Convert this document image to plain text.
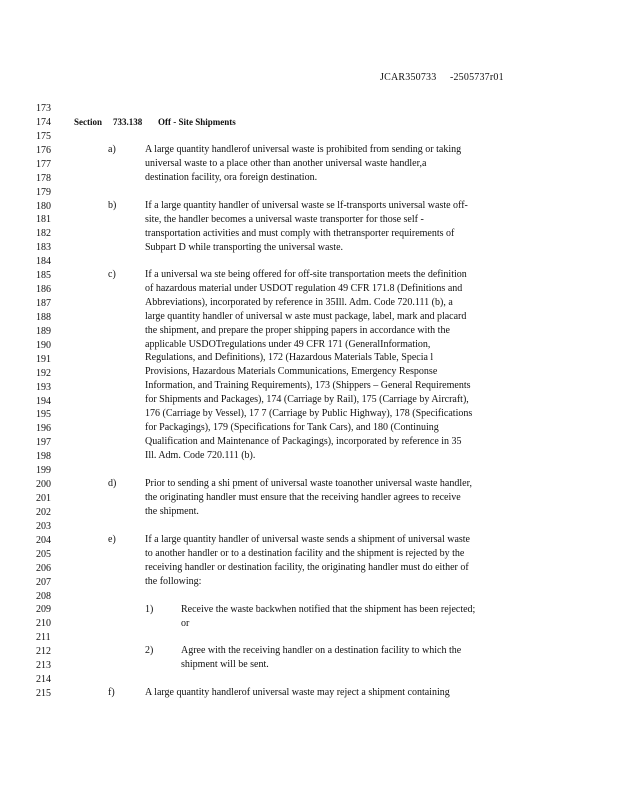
JCAR350733 -2505737r01
173
174
175
176
177
178
179
180
181
182
183
184
185
186
187
188
189
190
191
192
193
194
195
196
197
198
199
200
201
202
203
204
205
206
207
208
209
210
211
212
213
214
215
Section 733.138 Off - Site Shipments
a)	A large quantity handlerof universal waste is prohibited from sending or taking
universal waste to a place other than another universal waste handler,a
destination facility, ora foreign destination.
b)	If a large quantity handler of universal waste se lf-transports universal waste off-
site, the handler becomes a universal waste transporter for those self -
transportation activities and must comply with thetransporter requirements of
Subpart D while transporting the universal waste.
c)	If a universal wa ste being offered for off-site transportation meets the definition
of hazardous material under USDOT regulation 49 CFR 171.8 (Definitions and
Abbreviations), incorporated by reference in 35Ill. Adm. Code 720.111 (b), a
large quantity handler of universal w aste must package, label, mark and placard
the shipment, and prepare the proper shipping papers in accordance with the
applicable USDOTregulations under 49 CFR 171 (GeneralInformation,
Regulations, and Definitions), 172 (Hazardous Materials Table, Specia l
Provisions, Hazardous Materials Communications, Emergency Response
Information, and Training Requirements), 173 (Shippers – General Requirements
for Shipments and Packages), 174 (Carriage by Rail), 175 (Carriage by Aircraft),
176 (Carriage by Vessel), 17 7 (Carriage by Public Highway), 178 (Specifications
for Packagings), 179 (Specifications for Tank Cars), and 180 (Continuing
Qualification and Maintenance of Packagings), incorporated by reference in 35
Ill. Adm. Code 720.111 (b).
d)	Prior to sending a shi pment of universal waste toanother universal waste handler,
the originating handler must ensure that the receiving handler agrees to receive
the shipment.
e)	If a large quantity handler of universal waste sends a shipment of universal waste
to another handler or to a destination facility and the shipment is rejected by the
receiving handler or destination facility, the originating handler must do either of
the following:
1)	Receive the waste backwhen notified that the shipment has been rejected;
or
2)	Agree with the receiving handler on a destination facility to which the
shipment will be sent.
f)	A large quantity handlerof universal waste may reject a shipment containing
